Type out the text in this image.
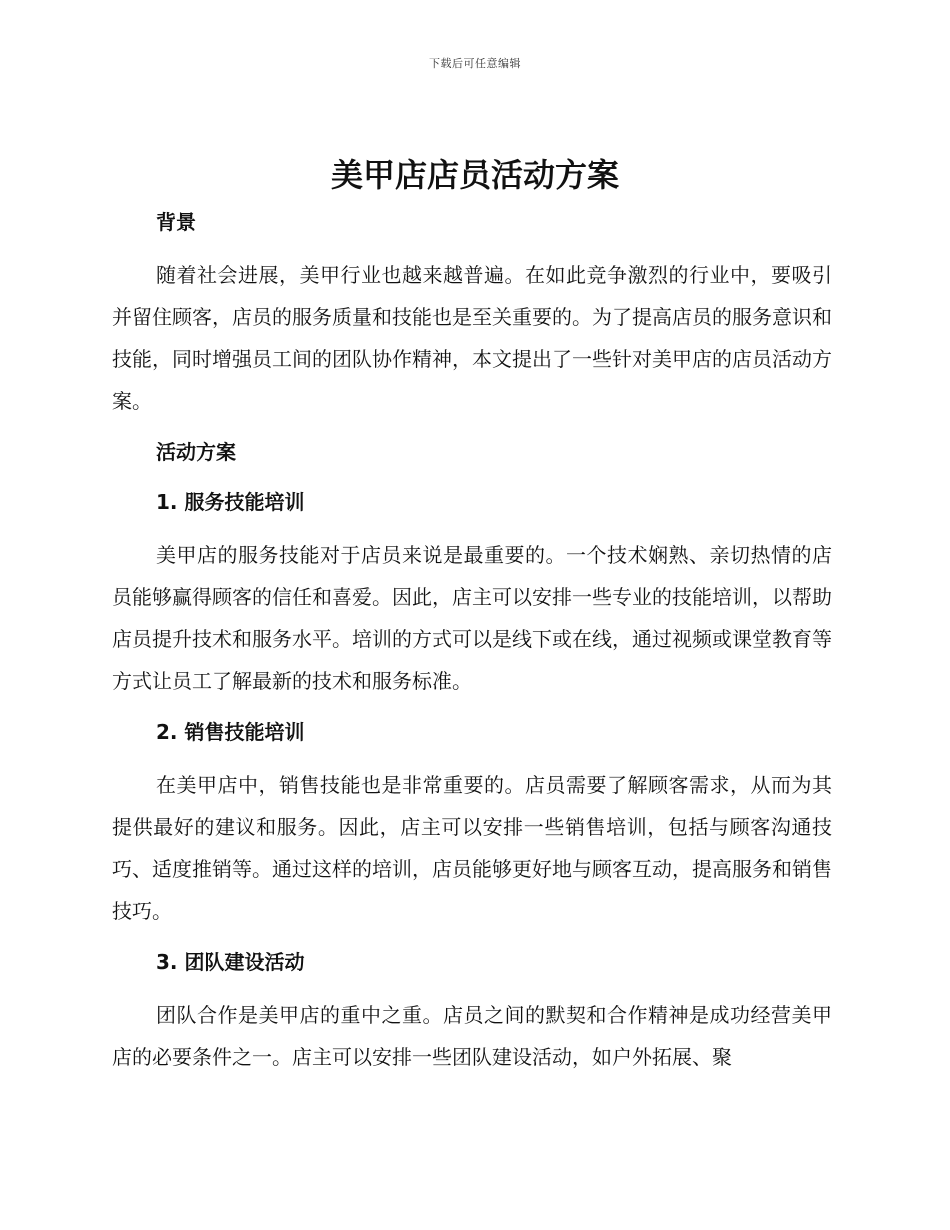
下载后可任意编辑
美甲店店员活动方案
背景

随着社会进展，美甲行业也越来越普遍。在如此竞争激烈的行业中，要吸引并留住顾客，店员的服务质量和技能也是至关重要的。为了提高店员的服务意识和技能，同时增强员工间的团队协作精神，本文提出了一些针对美甲店的店员活动方案。

活动方案
1. 服务技能培训

美甲店的服务技能对于店员来说是最重要的。一个技术娴熟、亲切热情的店员能够赢得顾客的信任和喜爱。因此，店主可以安排一些专业的技能培训，以帮助店员提升技术和服务水平。培训的方式可以是线下或在线，通过视频或课堂教育等方式让员工了解最新的技术和服务标准。

2. 销售技能培训

在美甲店中，销售技能也是非常重要的。店员需要了解顾客需求，从而为其提供最好的建议和服务。因此，店主可以安排一些销售培训，包括与顾客沟通技巧、适度推销等。通过这样的培训，店员能够更好地与顾客互动，提高服务和销售技巧。

3. 团队建设活动

团队合作是美甲店的重中之重。店员之间的默契和合作精神是成功经营美甲店的必要条件之一。店主可以安排一些团队建设活动，如户外拓展、聚
